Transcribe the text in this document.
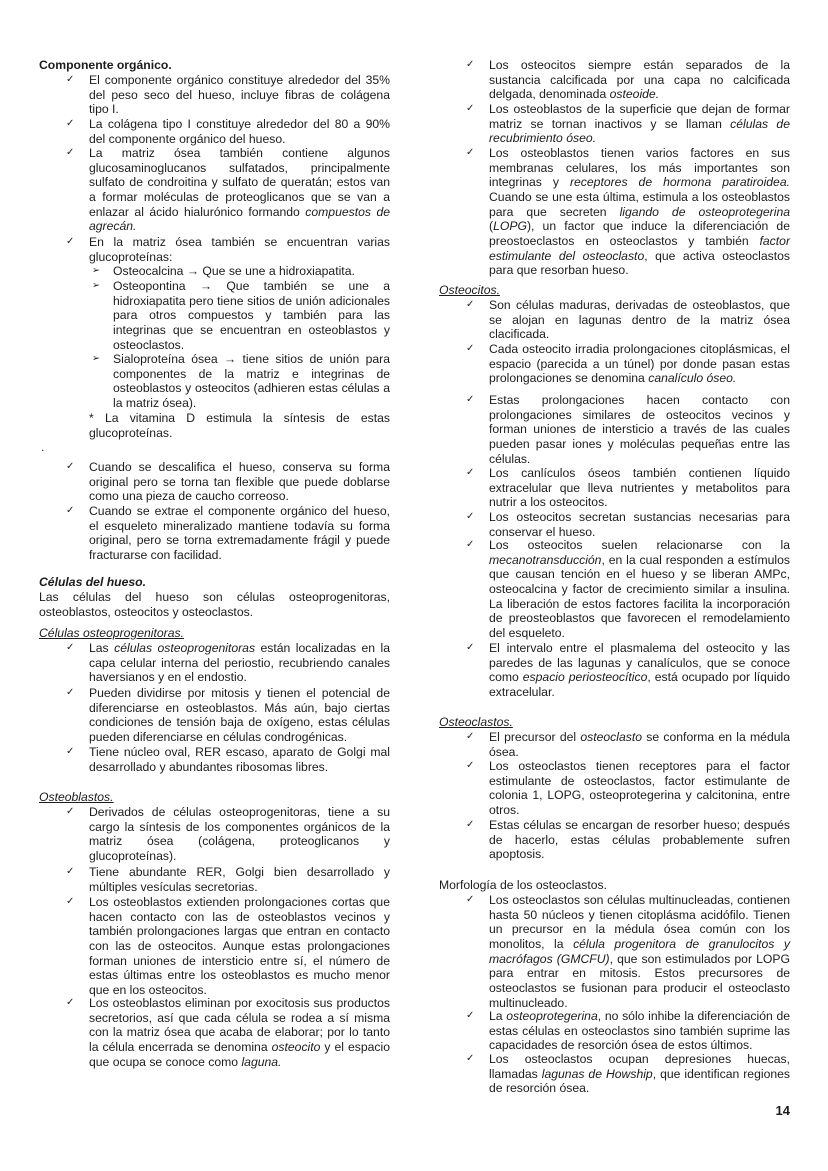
Componente orgánico.
✓ El componente orgánico constituye alrededor del 35% del peso seco del hueso, incluye fibras de colágena tipo I.
✓ La colágena tipo I constituye alrededor del 80 a 90% del componente orgánico del hueso.
✓ La matriz ósea también contiene algunos glucosaminoglucanos sulfatados, principalmente sulfato de condroitina y sulfato de queratán; estos van a formar moléculas de proteoglicanos que se van a enlazar al ácido hialurónico formando compuestos de agrecán.
✓ En la matriz ósea también se encuentran varias glucoproteínas:
➢ Osteocalcina → Que se une a hidroxiapatita.
➢ Osteopontina → Que también se une a hidroxiapatita pero tiene sitios de unión adicionales para otros compuestos y también para las integrinas que se encuentran en osteoblastos y osteoclastos.
➢ Sialoproteína ósea → tiene sitios de unión para componentes de la matriz e integrinas de osteoblastos y osteocitos (adhieren estas células a la matriz ósea).
* La vitamina D estimula la síntesis de estas glucoproteínas.
.
✓ Cuando se descalifica el hueso, conserva su forma original pero se torna tan flexible que puede doblarse como una pieza de caucho correoso.
✓ Cuando se extrae el componente orgánico del hueso, el esqueleto mineralizado mantiene todavía su forma original, pero se torna extremadamente frágil y puede fracturarse con facilidad.
Células del hueso.
Las células del hueso son células osteoprogenitoras, osteoblastos, osteocitos y osteoclastos.
Células osteoprogenitoras.
✓ Las células osteoprogenitoras están localizadas en la capa celular interna del periostio, recubriendo canales haversianos y en el endostio.
✓ Pueden dividirse por mitosis y tienen el potencial de diferenciarse en osteoblastos. Más aún, bajo ciertas condiciones de tensión baja de oxígeno, estas células pueden diferenciarse en células condrogénicas.
✓ Tiene núcleo oval, RER escaso, aparato de Golgi mal desarrollado y abundantes ribosomas libres.
Osteoblastos.
✓ Derivados de células osteoprogenitoras, tiene a su cargo la síntesis de los componentes orgánicos de la matriz ósea (colágena, proteoglicanos y glucoproteínas).
✓ Tiene abundante RER, Golgi bien desarrollado y múltiples vesículas secretorias.
✓ Los osteoblastos extienden prolongaciones cortas que hacen contacto con las de osteoblastos vecinos y también prolongaciones largas que entran en contacto con las de osteocitos. Aunque estas prolongaciones forman uniones de intersticio entre sí, el número de estas últimas entre los osteoblastos es mucho menor que en los osteocitos.
✓ Los osteoblastos eliminan por exocitosis sus productos secretorios, así que cada célula se rodea a sí misma con la matriz ósea que acaba de elaborar; por lo tanto la célula encerrada se denomina osteocito y el espacio que ocupa se conoce como laguna.
✓ Los osteocitos siempre están separados de la sustancia calcificada por una capa no calcificada delgada, denominada osteoide.
✓ Los osteoblastos de la superficie que dejan de formar matriz se tornan inactivos y se llaman células de recubrimiento óseo.
✓ Los osteoblastos tienen varios factores en sus membranas celulares, los más importantes son integrinas y receptores de hormona paratiroidea. Cuando se une esta última, estimula a los osteoblastos para que secreten ligando de osteoprotegerina (LOPG), un factor que induce la diferenciación de preostoeclastos en osteoclastos y también factor estimulante del osteoclasto, que activa osteoclastos para que resorban hueso.
Osteocitos.
✓ Son células maduras, derivadas de osteoblastos, que se alojan en lagunas dentro de la matriz ósea clacificada.
✓ Cada osteocito irradia prolongaciones citoplásmicas, el espacio (parecida a un túnel) por donde pasan estas prolongaciones se denomina canalículo óseo.
✓ Estas prolongaciones hacen contacto con prolongaciones similares de osteocitos vecinos y forman uniones de intersticio a través de las cuales pueden pasar iones y moléculas pequeñas entre las células.
✓ Los canlículos óseos también contienen líquido extracelular que lleva nutrientes y metabolitos para nutrir a los osteocitos.
✓ Los osteocitos secretan sustancias necesarias para conservar el hueso.
✓ Los osteocitos suelen relacionarse con la mecanotransducción, en la cual responden a estímulos que causan tención en el hueso y se liberan AMPc, osteocalcina y factor de crecimiento similar a insulina. La liberación de estos factores facilita la incorporación de preosteoblastos que favorecen el remodelamiento del esqueleto.
✓ El intervalo entre el plasmalema del osteocito y las paredes de las lagunas y canalículos, que se conoce como espacio periosteocítico, está ocupado por líquido extracelular.
Osteoclastos.
✓ El precursor del osteoclasto se conforma en la médula ósea.
✓ Los osteoclastos tienen receptores para el factor estimulante de osteoclastos, factor estimulante de colonia 1, LOPG, osteoprotegerina y calcitonina, entre otros.
✓ Estas células se encargan de resorber hueso; después de hacerlo, estas células probablemente sufren apoptosis.
Morfología de los osteoclastos.
✓ Los osteoclastos son células multinucleadas, contienen hasta 50 núcleos y tienen citoplásma acidófilo. Tienen un precursor en la médula ósea común con los monolitos, la célula progenitora de granulocitos y macrófagos (GMCFU), que son estimulados por LOPG para entrar en mitosis. Estos precursores de osteoclastos se fusionan para producir el osteoclasto multinucleado.
✓ La osteoprotegerina, no sólo inhibe la diferenciación de estas células en osteoclastos sino también suprime las capacidades de resorción ósea de estos últimos.
✓ Los osteoclastos ocupan depresiones huecas, llamadas lagunas de Howship, que identifican regiones de resorción ósea.
14
